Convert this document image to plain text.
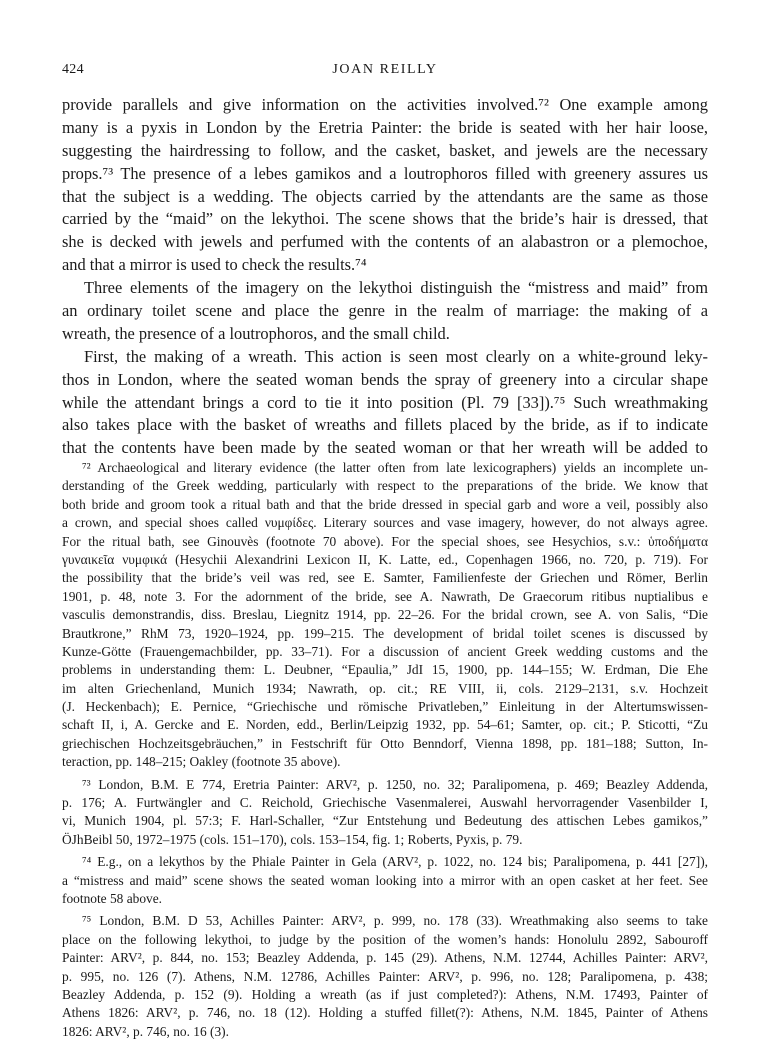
424	JOAN REILLY
provide parallels and give information on the activities involved.⁷² One example among
many is a pyxis in London by the Eretria Painter: the bride is seated with her hair loose,
suggesting the hairdressing to follow, and the casket, basket, and jewels are the necessary
props.⁷³ The presence of a lebes gamikos and a loutrophoros filled with greenery assures us
that the subject is a wedding. The objects carried by the attendants are the same as those
carried by the “maid” on the lekythoi. The scene shows that the bride’s hair is dressed, that
she is decked with jewels and perfumed with the contents of an alabastron or a plemochoe,
and that a mirror is used to check the results.⁷⁴
Three elements of the imagery on the lekythoi distinguish the “mistress and maid” from
an ordinary toilet scene and place the genre in the realm of marriage: the making of a
wreath, the presence of a loutrophoros, and the small child.
First, the making of a wreath. This action is seen most clearly on a white-ground leky-
thos in London, where the seated woman bends the spray of greenery into a circular shape
while the attendant brings a cord to tie it into position (Pl. 79 [33]).⁷⁵ Such wreathmaking
also takes place with the basket of wreaths and fillets placed by the bride, as if to indicate
that the contents have been made by the seated woman or that her wreath will be added to
⁷² Archaeological and literary evidence (the latter often from late lexicographers) yields an incomplete un-
derstanding of the Greek wedding, particularly with respect to the preparations of the bride. We know that
both bride and groom took a ritual bath and that the bride dressed in special garb and wore a veil, possibly also
a crown, and special shoes called νυμφίδες. Literary sources and vase imagery, however, do not always agree.
For the ritual bath, see Ginouvès (footnote 70 above). For the special shoes, see Hesychios, s.v.: ὑποδήματα
γυναικεῖα νυμφικά (Hesychii Alexandrini Lexicon II, K. Latte, ed., Copenhagen 1966, no. 720, p. 719). For
the possibility that the bride’s veil was red, see E. Samter, Familienfeste der Griechen und Römer, Berlin
1901, p. 48, note 3. For the adornment of the bride, see A. Nawrath, De Graecorum ritibus nuptialibus e
vasculis demonstrandis, diss. Breslau, Liegnitz 1914, pp. 22–26. For the bridal crown, see A. von Salis, “Die
Brautkrone,” RhM 73, 1920–1924, pp. 199–215. The development of bridal toilet scenes is discussed by
Kunze-Götte (Frauengemachbilder, pp. 33–71). For a discussion of ancient Greek wedding customs and the
problems in understanding them: L. Deubner, “Epaulia,” JdI 15, 1900, pp. 144–155; W. Erdman, Die Ehe
im alten Griechenland, Munich 1934; Nawrath, op. cit.; RE VIII, ii, cols. 2129–2131, s.v. Hochzeit
(J. Heckenbach); E. Pernice, “Griechische und römische Privatleben,” Einleitung in der Altertumswissen-
schaft II, i, A. Gercke and E. Norden, edd., Berlin/Leipzig 1932, pp. 54–61; Samter, op. cit.; P. Sticotti, “Zu
griechischen Hochzeitsgebräuchen,” in Festschrift für Otto Benndorf, Vienna 1898, pp. 181–188; Sutton, In-
teraction, pp. 148–215; Oakley (footnote 35 above).
⁷³ London, B.M. E 774, Eretria Painter: ARV², p. 1250, no. 32; Paralipomena, p. 469; Beazley Addenda,
p. 176; A. Furtwängler and C. Reichold, Griechische Vasenmalerei, Auswahl hervorragender Vasenbilder I,
vi, Munich 1904, pl. 57:3; F. Harl-Schaller, “Zur Entstehung und Bedeutung des attischen Lebes gamikos,”
ÖJhBeibl 50, 1972–1975 (cols. 151–170), cols. 153–154, fig. 1; Roberts, Pyxis, p. 79.
⁷⁴ E.g., on a lekythos by the Phiale Painter in Gela (ARV², p. 1022, no. 124 bis; Paralipomena, p. 441 [27]),
a “mistress and maid” scene shows the seated woman looking into a mirror with an open casket at her feet. See
footnote 58 above.
⁷⁵ London, B.M. D 53, Achilles Painter: ARV², p. 999, no. 178 (33). Wreathmaking also seems to take
place on the following lekythoi, to judge by the position of the women’s hands: Honolulu 2892, Sabouroff
Painter: ARV², p. 844, no. 153; Beazley Addenda, p. 145 (29). Athens, N.M. 12744, Achilles Painter: ARV²,
p. 995, no. 126 (7). Athens, N.M. 12786, Achilles Painter: ARV², p. 996, no. 128; Paralipomena, p. 438;
Beazley Addenda, p. 152 (9). Holding a wreath (as if just completed?): Athens, N.M. 17493, Painter of
Athens 1826: ARV², p. 746, no. 18 (12). Holding a stuffed fillet(?): Athens, N.M. 1845, Painter of Athens
1826: ARV², p. 746, no. 16 (3).
